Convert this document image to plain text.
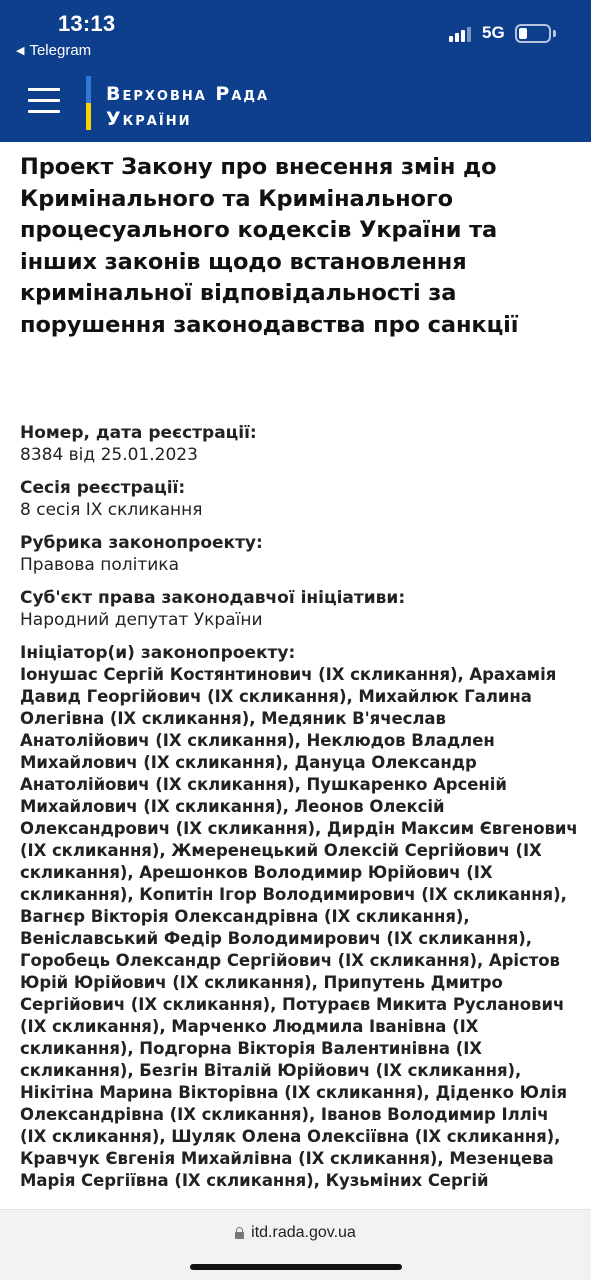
13:13
◀ Telegram
5G
Верховна Рада
України
Проект Закону про внесення змін до Кримінального та Кримінального процесуального кодексів України та інших законів щодо встановлення кримінальної відповідальності за порушення законодавства про санкції
Номер, дата реєстрації:
8384 від 25.01.2023
Сесія реєстрації:
8 сесія IX скликання
Рубрика законопроекту:
Правова політика
Суб'єкт права законодавчої ініціативи:
Народний депутат України
Ініціатор(и) законопроекту:
Іонушас Сергій Костянтинович (IX скликання), Арахамія Давид Георгійович (IX скликання), Михайлюк Галина Олегівна (IX скликання), Медяник В'ячеслав Анатолійович (IX скликання), Неклюдов Владлен Михайлович (IX скликання), Дануца Олександр Анатолійович (IX скликання), Пушкаренко Арсеній Михайлович (IX скликання), Леонов Олексій Олександрович (IX скликання), Дирдін Максим Євгенович (IX скликання), Жмеренецький Олексій Сергійович (IX скликання), Арешонков Володимир Юрійович (IX скликання), Копитін Ігор Володимирович (IX скликання), Вагнєр Вікторія Олександрівна (IX скликання), Веніславський Федір Володимирович (IX скликання), Горобець Олександр Сергійович (IX скликання), Арістов Юрій Юрійович (IX скликання), Припутень Дмитро Сергійович (IX скликання), Потураєв Микита Русланович (IX скликання), Марченко Людмила Іванівна (IX скликання), Подгорна Вікторія Валентинівна (IX скликання), Безгін Віталій Юрійович (IX скликання), Нікітіна Марина Вікторівна (IX скликання), Діденко Юлія Олександрівна (IX скликання), Іванов Володимир Ілліч (IX скликання), Шуляк Олена Олексіївна (IX скликання), Кравчук Євгенія Михайлівна (IX скликання), Мезенцева Марія Сергіївна (IX скликання), Кузьміних Сергій
itd.rada.gov.ua
